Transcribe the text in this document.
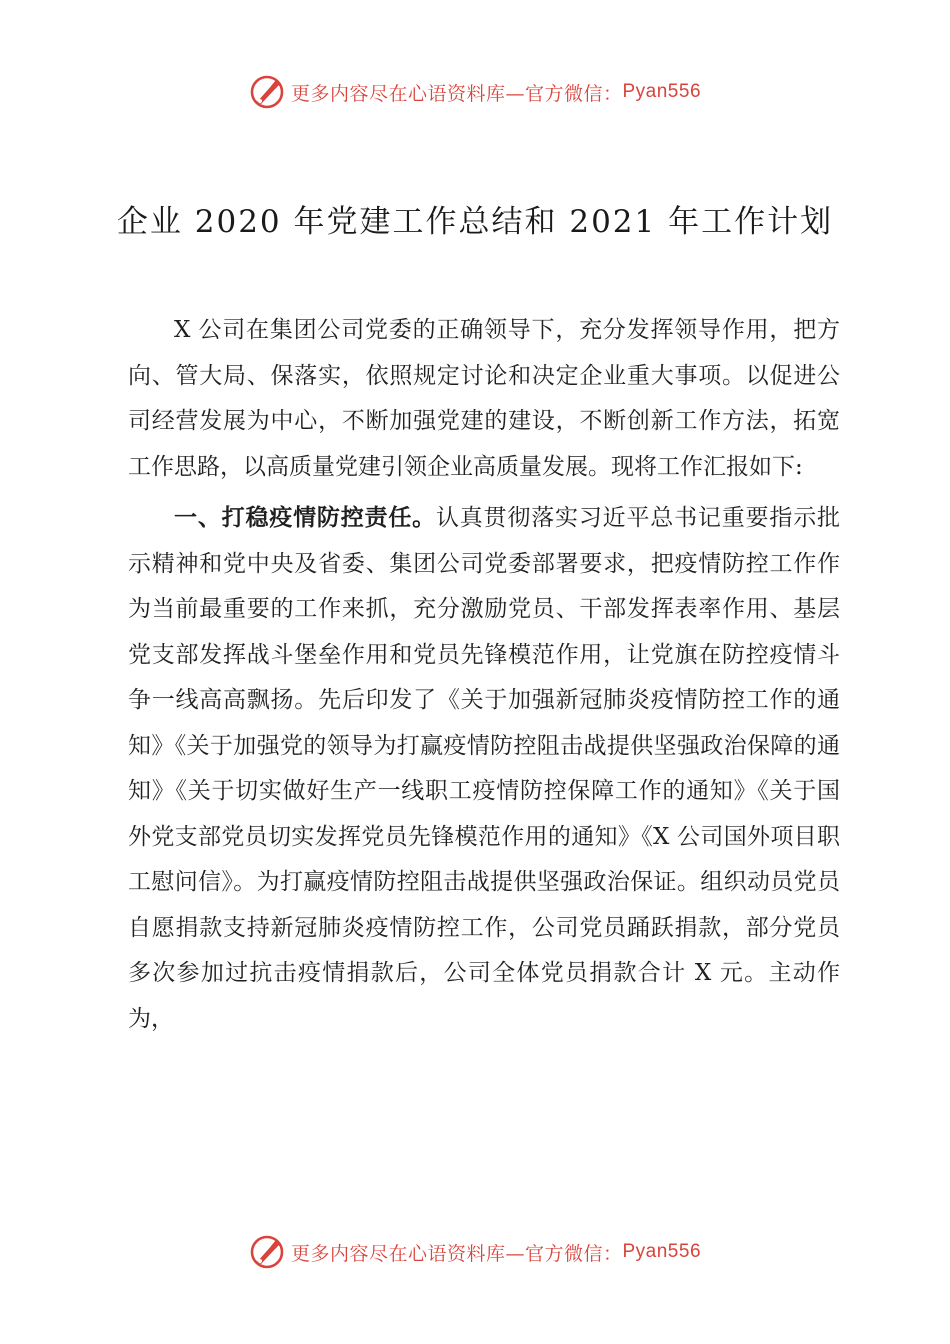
更多内容尽在心语资料库—官方微信： Pyan556
企业 2020 年党建工作总结和 2021 年工作计划

X 公司在集团公司党委的正确领导下，充分发挥领导作用，把方向、管大局、保落实，依照规定讨论和决定企业重大事项。以促进公司经营发展为中心，不断加强党建的建设，不断创新工作方法，拓宽工作思路，以高质量党建引领企业高质量发展。现将工作汇报如下:

一、打稳疫情防控责任。认真贯彻落实习近平总书记重要指示批示精神和党中央及省委、集团公司党委部署要求，把疫情防控工作作为当前最重要的工作来抓，充分激励党员、干部发挥表率作用、基层党支部发挥战斗堡垒作用和党员先锋模范作用，让党旗在防控疫情斗争一线高高飘扬。先后印发了《关于加强新冠肺炎疫情防控工作的通知》《关于加强党的领导为打赢疫情防控阻击战提供坚强政治保障的通知》《关于切实做好生产一线职工疫情防控保障工作的通知》《关于国外党支部党员切实发挥党员先锋模范作用的通知》《X 公司国外项目职工慰问信》。为打赢疫情防控阻击战提供坚强政治保证。组织动员党员自愿捐款支持新冠肺炎疫情防控工作，公司党员踊跃捐款，部分党员多次参加过抗击疫情捐款后，公司全体党员捐款合计 X 元。主动作为，

更多内容尽在心语资料库—官方微信： Pyan556
